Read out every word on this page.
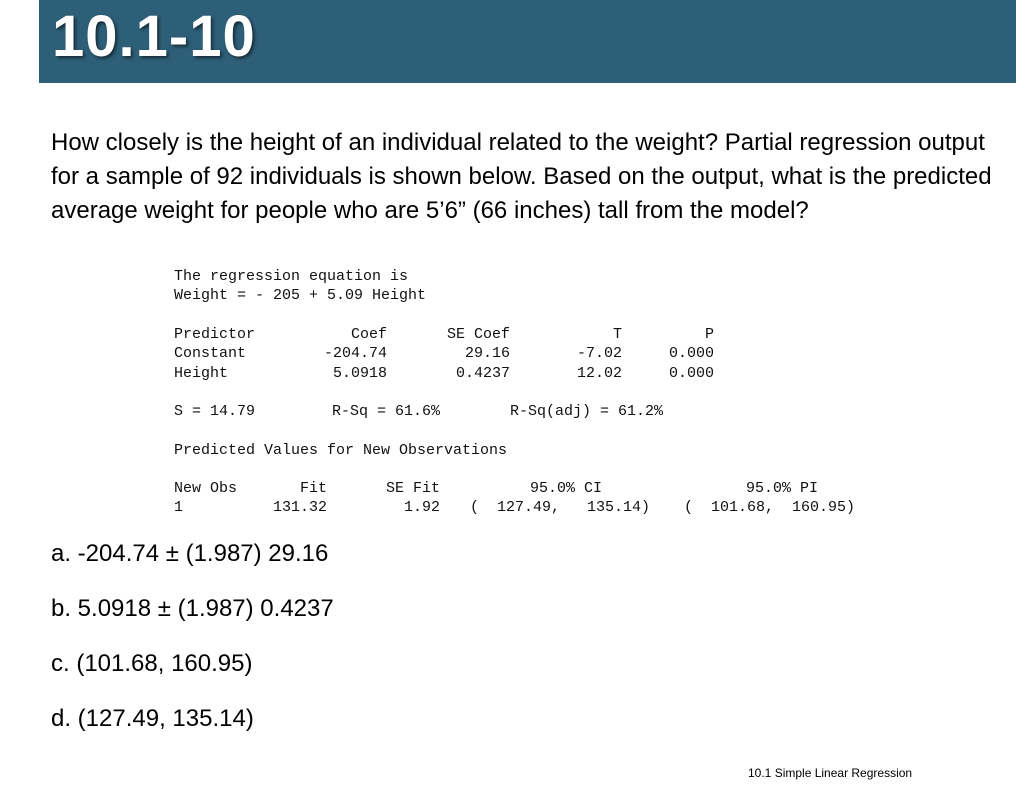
10.1-10
How closely is the height of an individual related to the weight? Partial regression output for a sample of 92 individuals is shown below. Based on the output, what is the predicted average weight for people who are 5’6” (66 inches) tall from the model?
The regression equation is
Weight = - 205 + 5.09 Height
Predictor	Coef	SE Coef	T	P
Constant	-204.74	29.16	-7.02	0.000
Height	5.0918	0.4237	12.02	0.000
S = 14.79	R-Sq = 61.6%	R-Sq(adj) = 61.2%
Predicted Values for New Observations
New Obs	Fit	SE Fit	95.0% CI	95.0% PI
1	131.32	1.92 (  127.49,   135.14) (  101.68,  160.95)
a. -204.74 ± (1.987) 29.16
b. 5.0918 ± (1.987) 0.4237
c. (101.68, 160.95)
d. (127.49, 135.14)
10.1 Simple Linear Regression
